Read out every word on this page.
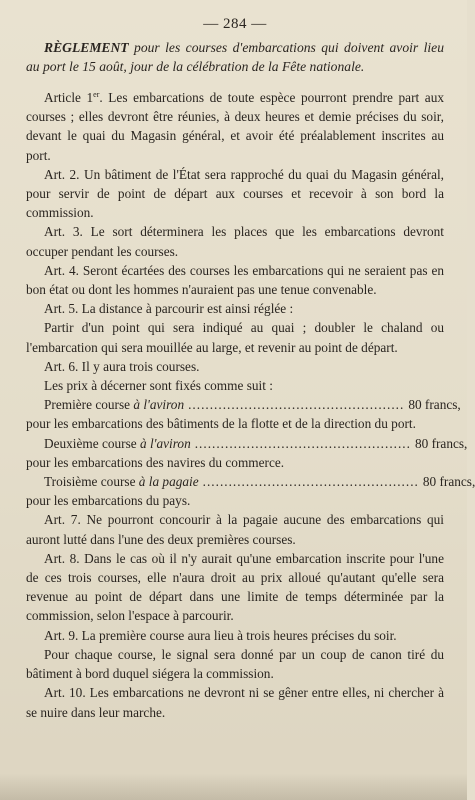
— 284 —
RÈGLEMENT pour les courses d'embarcations qui doivent avoir lieu au port le 15 août, jour de la célébration de la Fête nationale.

Article 1er. Les embarcations de toute espèce pourront prendre part aux courses ; elles devront être réunies, à deux heures et demie précises du soir, devant le quai du Magasin général, et avoir été préalablement inscrites au port.

Art. 2. Un bâtiment de l'État sera rapproché du quai du Magasin général, pour servir de point de départ aux courses et recevoir à son bord la commission.

Art. 3. Le sort déterminera les places que les embarcations devront occuper pendant les courses.

Art. 4. Seront écartées des courses les embarcations qui ne seraient pas en bon état ou dont les hommes n'auraient pas une tenue convenable.

Art. 5. La distance à parcourir est ainsi réglée :

Partir d'un point qui sera indiqué au quai ; doubler le chaland ou l'embarcation qui sera mouillée au large, et revenir au point de départ.

Art. 6. Il y aura trois courses.

Les prix à décerner sont fixés comme suit :

Première course à l'aviron .................................................. 80 francs,

pour les embarcations des bâtiments de la flotte et de la direction du port.

Deuxième course à l'aviron .................................................. 80 francs,

pour les embarcations des navires du commerce.

Troisième course à la pagaie .................................................. 80 francs,

pour les embarcations du pays.

Art. 7. Ne pourront concourir à la pagaie aucune des embarcations qui auront lutté dans l'une des deux premières courses.

Art. 8. Dans le cas où il n'y aurait qu'une embarcation inscrite pour l'une de ces trois courses, elle n'aura droit au prix alloué qu'autant qu'elle sera revenue au point de départ dans une limite de temps déterminée par la commission, selon l'espace à parcourir.

Art. 9. La première course aura lieu à trois heures précises du soir.

Pour chaque course, le signal sera donné par un coup de canon tiré du bâtiment à bord duquel siégera la commission.

Art. 10. Les embarcations ne devront ni se gêner entre elles, ni chercher à se nuire dans leur marche.
